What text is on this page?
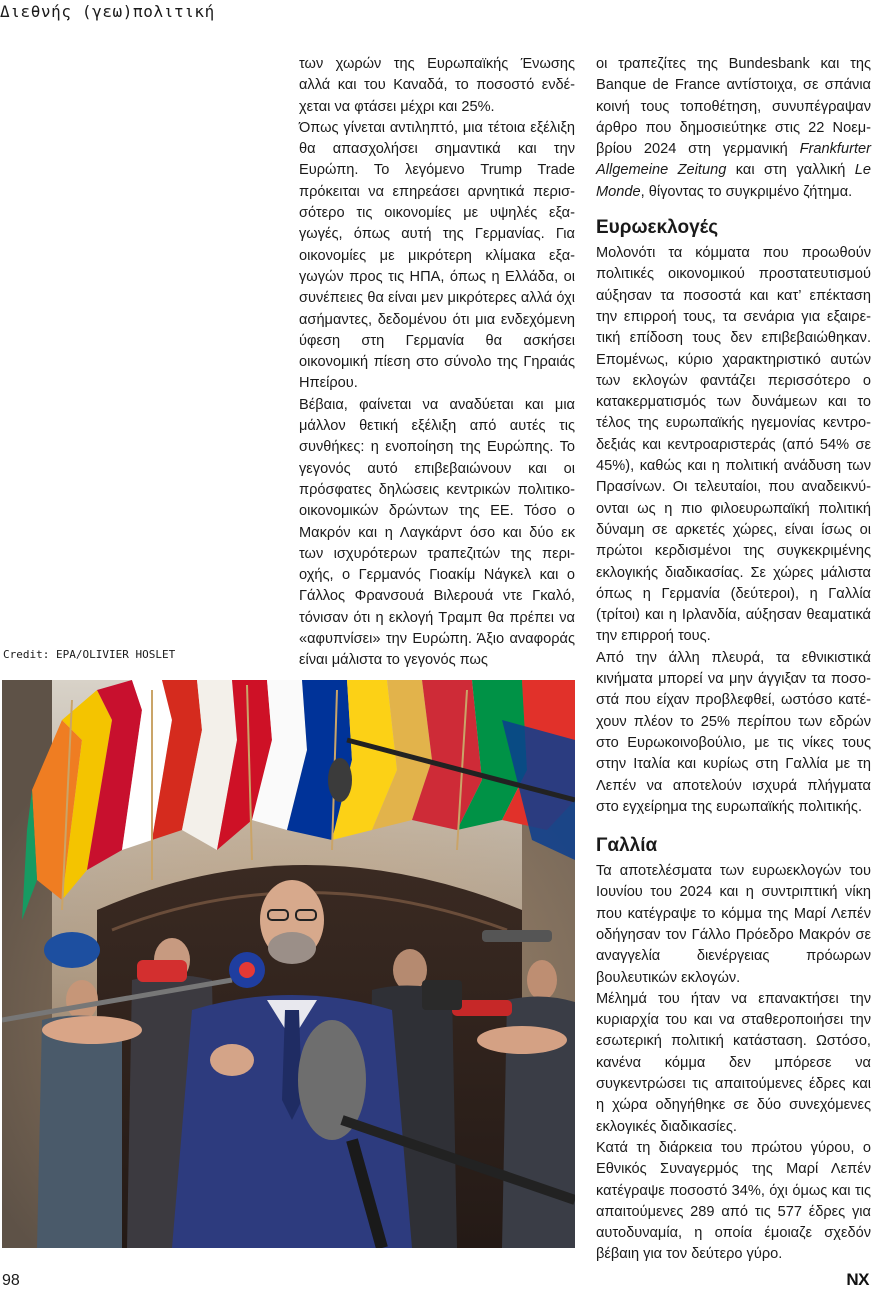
Διεθνής (γεω)πολιτική
Credit: EPA/OLIVIER HOSLET

των χωρών της Ευρωπαϊκής Ένωσης αλλά και του Καναδά, το ποσοστό ενδέχεται να φτάσει μέχρι και 25%.

Όπως γίνεται αντιληπτό, μια τέτοια εξέλιξη θα απασχολήσει σημαντικά και την Ευρώπη. Το λεγόμενο Trump Trade πρόκειται να επηρεάσει αρνητικά περισσότερο τις οικονομίες με υψηλές εξαγωγές, όπως αυτή της Γερμανίας. Για οικονομίες με μικρότερη κλίμακα εξαγωγών προς τις ΗΠΑ, όπως η Ελλάδα, οι συνέπειες θα είναι μεν μικρότερες αλλά όχι ασήμαντες, δεδομένου ότι μια ενδεχόμενη ύφεση στη Γερμανία θα ασκήσει οικονομική πίεση στο σύνολο της Γηραιάς Ηπείρου.

Βέβαια, φαίνεται να αναδύεται και μια μάλλον θετική εξέλιξη από αυτές τις συνθήκες: η ενοποίηση της Ευρώπης. Το γεγονός αυτό επιβεβαιώνουν και οι πρόσφατες δηλώσεις κεντρικών πολιτικο-οικονομικών δρώντων της ΕΕ. Τόσο ο Μακρόν και η Λαγκάρντ όσο και δύο εκ των ισχυρότερων τραπεζιτών της περιοχής, ο Γερμανός Γιοακίμ Νάγκελ και ο Γάλλος Φρανσουά Βιλερουά ντε Γκαλό, τόνισαν ότι η εκλογή Τραμπ θα πρέπει να «αφυπνίσει» την Ευρώπη. Άξιο αναφοράς είναι μάλιστα το γεγονός πως

οι τραπεζίτες της Bundesbank και της Banque de France αντίστοιχα, σε σπάνια κοινή τους τοποθέτηση, συνυπέγραψαν άρθρο που δημοσιεύτηκε στις 22 Νοεμβρίου 2024 στη γερμανική Frankfurter Allgemeine Zeitung και στη γαλλική Le Monde, θίγοντας το συγκριμένο ζήτημα.

Ευρωεκλογές

Μολονότι τα κόμματα που προωθούν πολιτικές οικονομικού προστατευτισμού αύξησαν τα ποσοστά και κατ’ επέκταση την επιρροή τους, τα σενάρια για εξαιρετική επίδοση τους δεν επιβεβαιώθηκαν. Επομένως, κύριο χαρακτηριστικό αυτών των εκλογών φαντάζει περισσότερο ο κατακερματισμός των δυνάμεων και το τέλος της ευρωπαϊκής ηγεμονίας κεντροδεξιάς και κεντροαριστεράς (από 54% σε 45%), καθώς και η πολιτική ανάδυση των Πρασίνων. Οι τελευταίοι, που αναδεικνύονται ως η πιο φιλοευρωπαϊκή πολιτική δύναμη σε αρκετές χώρες, είναι ίσως οι πρώτοι κερδισμένοι της συγκεκριμένης εκλογικής διαδικασίας. Σε χώρες μάλιστα όπως η Γερμανία (δεύτεροι), η Γαλλία (τρίτοι) και η Ιρλανδία, αύξησαν θεαματικά την επιρροή τους.

Από την άλλη πλευρά, τα εθνικιστικά κινήματα μπορεί να μην άγγιξαν τα ποσοστά που είχαν προβλεφθεί, ωστόσο κατέχουν πλέον το 25% περίπου των εδρών στο Ευρωκοινοβούλιο, με τις νίκες τους στην Ιταλία και κυρίως στη Γαλλία με τη Λεπέν να αποτελούν ισχυρά πλήγματα στο εγχείρημα της ευρωπαϊκής πολιτικής.

Γαλλία

Τα αποτελέσματα των ευρωεκλογών του Ιουνίου του 2024 και η συντριπτική νίκη που κατέγραψε το κόμμα της Μαρί Λεπέν οδήγησαν τον Γάλλο Πρόεδρο Μακρόν σε αναγγελία διενέργειας πρόωρων βουλευτικών εκλογών.

Μέλημά του ήταν να επανακτήσει την κυριαρχία του και να σταθεροποιήσει την εσωτερική πολιτική κατάσταση. Ωστόσο, κανένα κόμμα δεν μπόρεσε να συγκεντρώσει τις απαιτούμενες έδρες και η χώρα οδηγήθηκε σε δύο συνεχόμενες εκλογικές διαδικασίες.

Κατά τη διάρκεια του πρώτου γύρου, ο Εθνικός Συναγερμός της Μαρί Λεπέν κατέγραψε ποσοστό 34%, όχι όμως και τις απαιτούμενες 289 από τις 577 έδρες για αυτοδυναμία, η οποία έμοιαζε σχεδόν βέβαιη για τον δεύτερο γύρο.

98	NX
